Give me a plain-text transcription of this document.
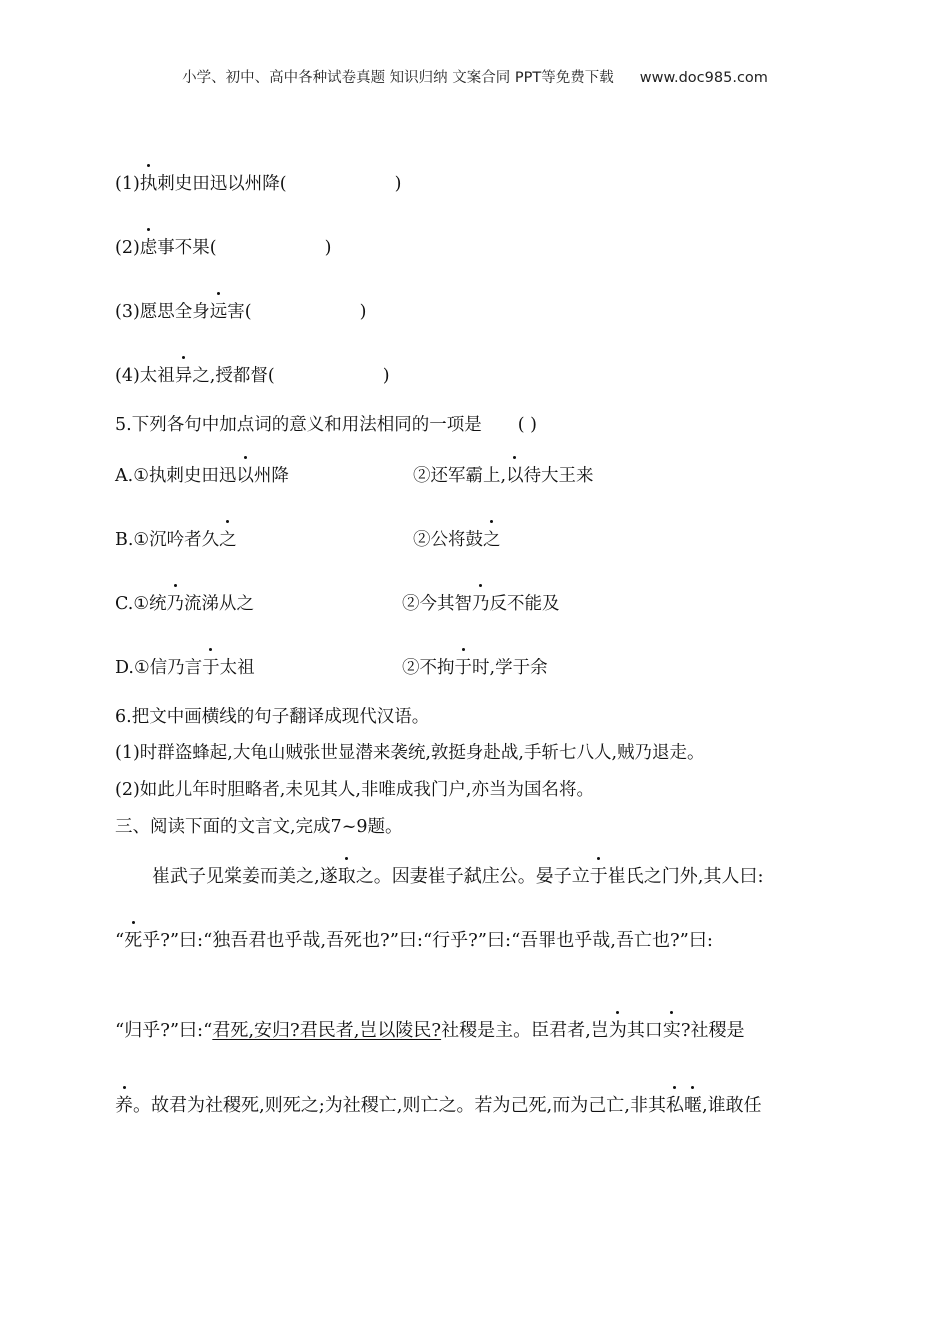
小学、初中、高中各种试卷真题 知识归纳 文案合同 PPT等免费下载 www.doc985.com
(1)执刺史田迅以州降(	)
(2)虑事不果(	)
(3)愿思全身远害(	)
(4)太祖异之,授都督(	)
5.下列各句中加点词的意义和用法相同的一项是 ( )
A.①执刺史田迅以州降	②还军霸上,以待大王来
B.①沉吟者久之	②公将鼓之
C.①统乃流涕从之	②今其智乃反不能及
D.①信乃言于太祖	②不拘于时,学于余
6.把文中画横线的句子翻译成现代汉语。
(1)时群盗蜂起,大龟山贼张世显潜来袭统,敦挺身赴战,手斩七八人,贼乃退走。
(2)如此儿年时胆略者,未见其人,非唯成我门户,亦当为国名将。
三、阅读下面的文言文,完成7~9题。
崔武子见棠姜而美之,遂取之。因妻崔子弑庄公。晏子立于崔氏之门外,其人曰:
“死乎?”曰:“独吾君也乎哉,吾死也?”曰:“行乎?”曰:“吾罪也乎哉,吾亡也?”曰:
“归乎?”曰:“君死,安归?君民者,岂以陵民?社稷是主。臣君者,岂为其口实?社稷是
养。故君为社稷死,则死之;为社稷亡,则亡之。若为己死,而为己亡,非其私暱,谁敢任
